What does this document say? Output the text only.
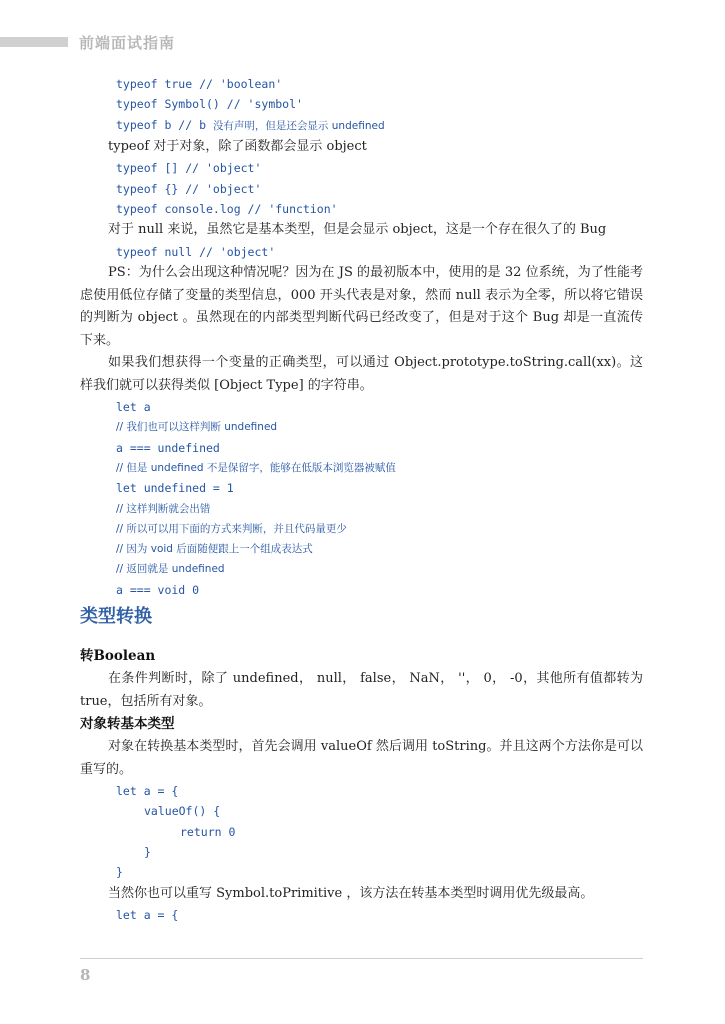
前端面试指南
typeof true // 'boolean'
typeof Symbol() // 'symbol'
typeof b // b 没有声明，但是还会显示 undefined

typeof 对于对象，除了函数都会显示 object

typeof [] // 'object'
typeof {} // 'object'
typeof console.log // 'function'

对于 null 来说，虽然它是基本类型，但是会显示 object，这是一个存在很久了的 Bug

typeof null // 'object'

PS：为什么会出现这种情况呢？因为在 JS 的最初版本中，使用的是 32 位系统，为了性能考虑使用低位存储了变量的类型信息，000 开头代表是对象，然而 null 表示为全零，所以将它错误的判断为 object 。虽然现在的内部类型判断代码已经改变了，但是对于这个 Bug 却是一直流传下来。

如果我们想获得一个变量的正确类型，可以通过 Object.prototype.toString.call(xx)。这样我们就可以获得类似 [Object Type] 的字符串。

let a
// 我们也可以这样判断 undefined
a === undefined
// 但是 undefined 不是保留字，能够在低版本浏览器被赋值
let undefined = 1
// 这样判断就会出错
// 所以可以用下面的方式来判断，并且代码量更少
// 因为 void 后面随便跟上一个组成表达式
// 返回就是 undefined
a === void 0
类型转换
转Boolean

在条件判断时，除了 undefined， null， false， NaN， ''， 0， -0，其他所有值都转为 true，包括所有对象。

对象转基本类型

对象在转换基本类型时，首先会调用 valueOf 然后调用 toString。并且这两个方法你是可以重写的。

let a = {
valueOf() {
return 0
}
}

当然你也可以重写 Symbol.toPrimitive ，该方法在转基本类型时调用优先级最高。

let a = {
8
